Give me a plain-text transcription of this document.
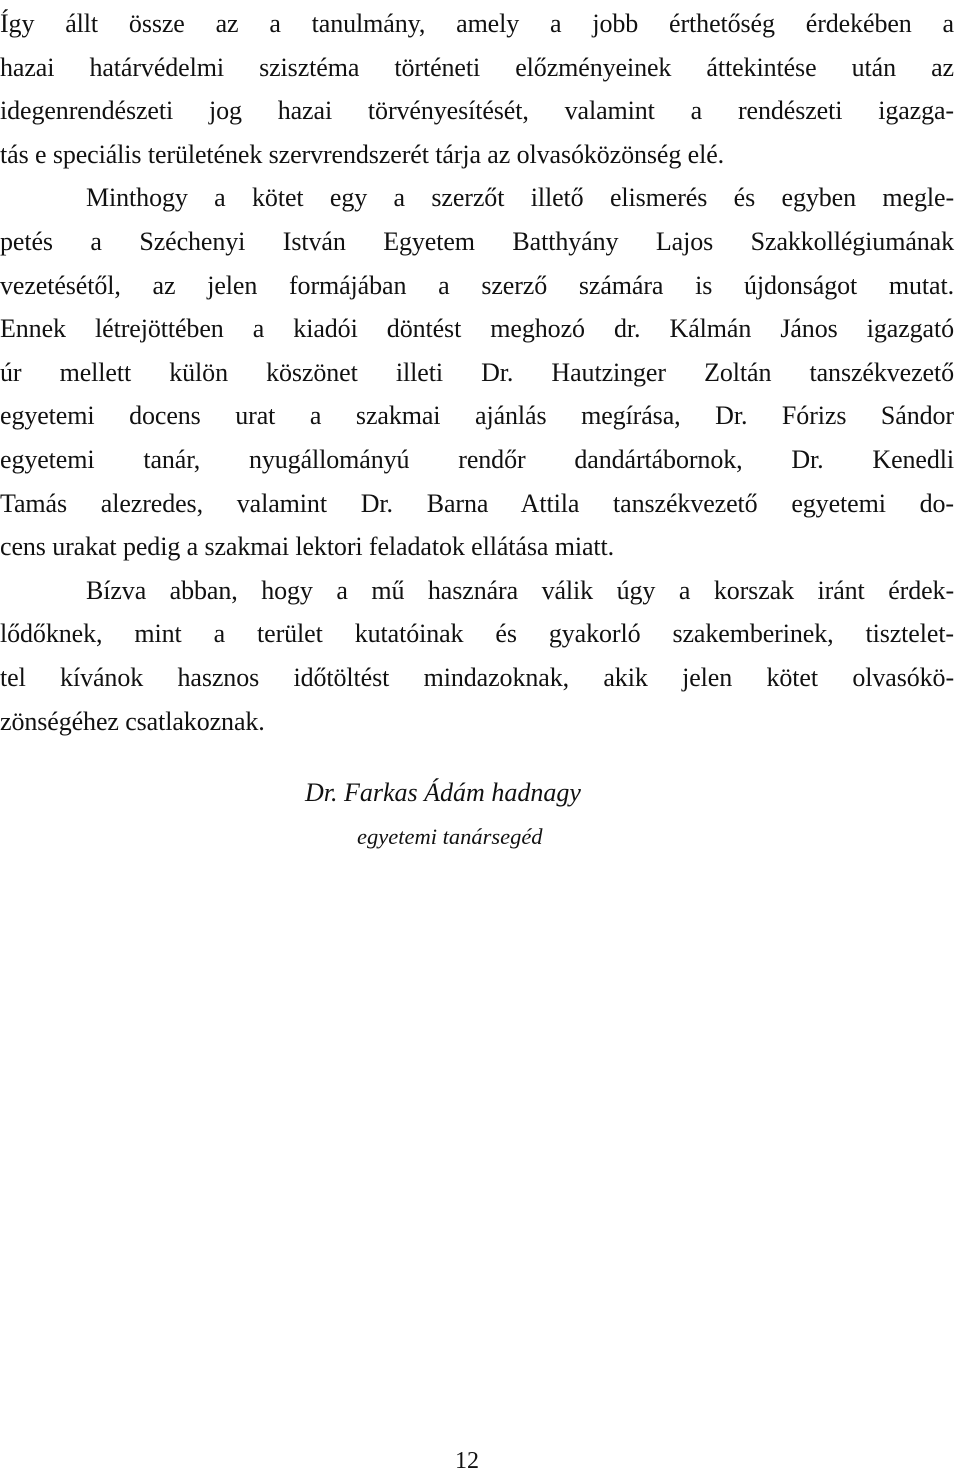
Így állt össze az a tanulmány, amely a jobb érthetőség érdekében a
hazai határvédelmi szisztéma történeti előzményeinek áttekintése után az
idegenrendészeti jog hazai törvényesítését, valamint a rendészeti igazga-
tás e speciális területének szervrendszerét tárja az olvasóközönség elé.
Minthogy a kötet egy a szerzőt illető elismerés és egyben megle-
petés a Széchenyi István Egyetem Batthyány Lajos Szakkollégiumának
vezetésétől, az jelen formájában a szerző számára is újdonságot mutat.
Ennek létrejöttében a kiadói döntést meghozó dr. Kálmán János igazgató
úr mellett külön köszönet illeti Dr. Hautzinger Zoltán tanszékvezető
egyetemi docens urat a szakmai ajánlás megírása, Dr. Fórizs Sándor
egyetemi tanár, nyugállományú rendőr dandártábornok, Dr. Kenedli
Tamás alezredes, valamint Dr. Barna Attila tanszékvezető egyetemi do-
cens urakat pedig a szakmai lektori feladatok ellátása miatt.
Bízva abban, hogy a mű hasznára válik úgy a korszak iránt érdek-
lődőknek, mint a terület kutatóinak és gyakorló szakemberinek, tisztelet-
tel kívánok hasznos időtöltést mindazoknak, akik jelen kötet olvasókö-
zönségéhez csatlakoznak.
Dr. Farkas Ádám hadnagy
egyetemi tanársegéd
12
